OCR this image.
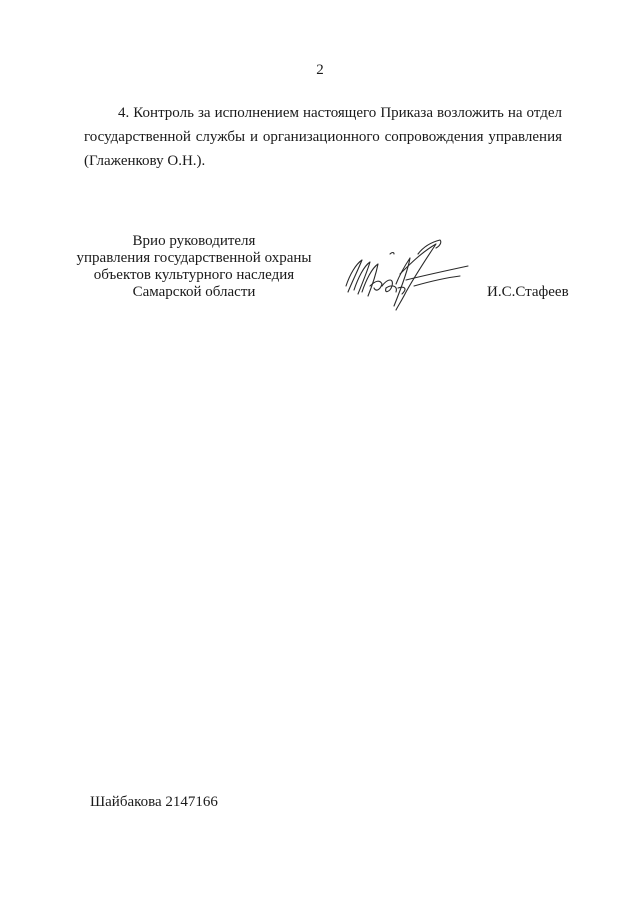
2

4. Контроль за исполнением настоящего Приказа возложить на отдел государственной службы и организационного сопровождения управления (Глаженкову О.Н.).

Врио руководителя
управления государственной охраны
объектов культурного наследия
Самарской области	И.С.Стафеев
Шайбакова 2147166
